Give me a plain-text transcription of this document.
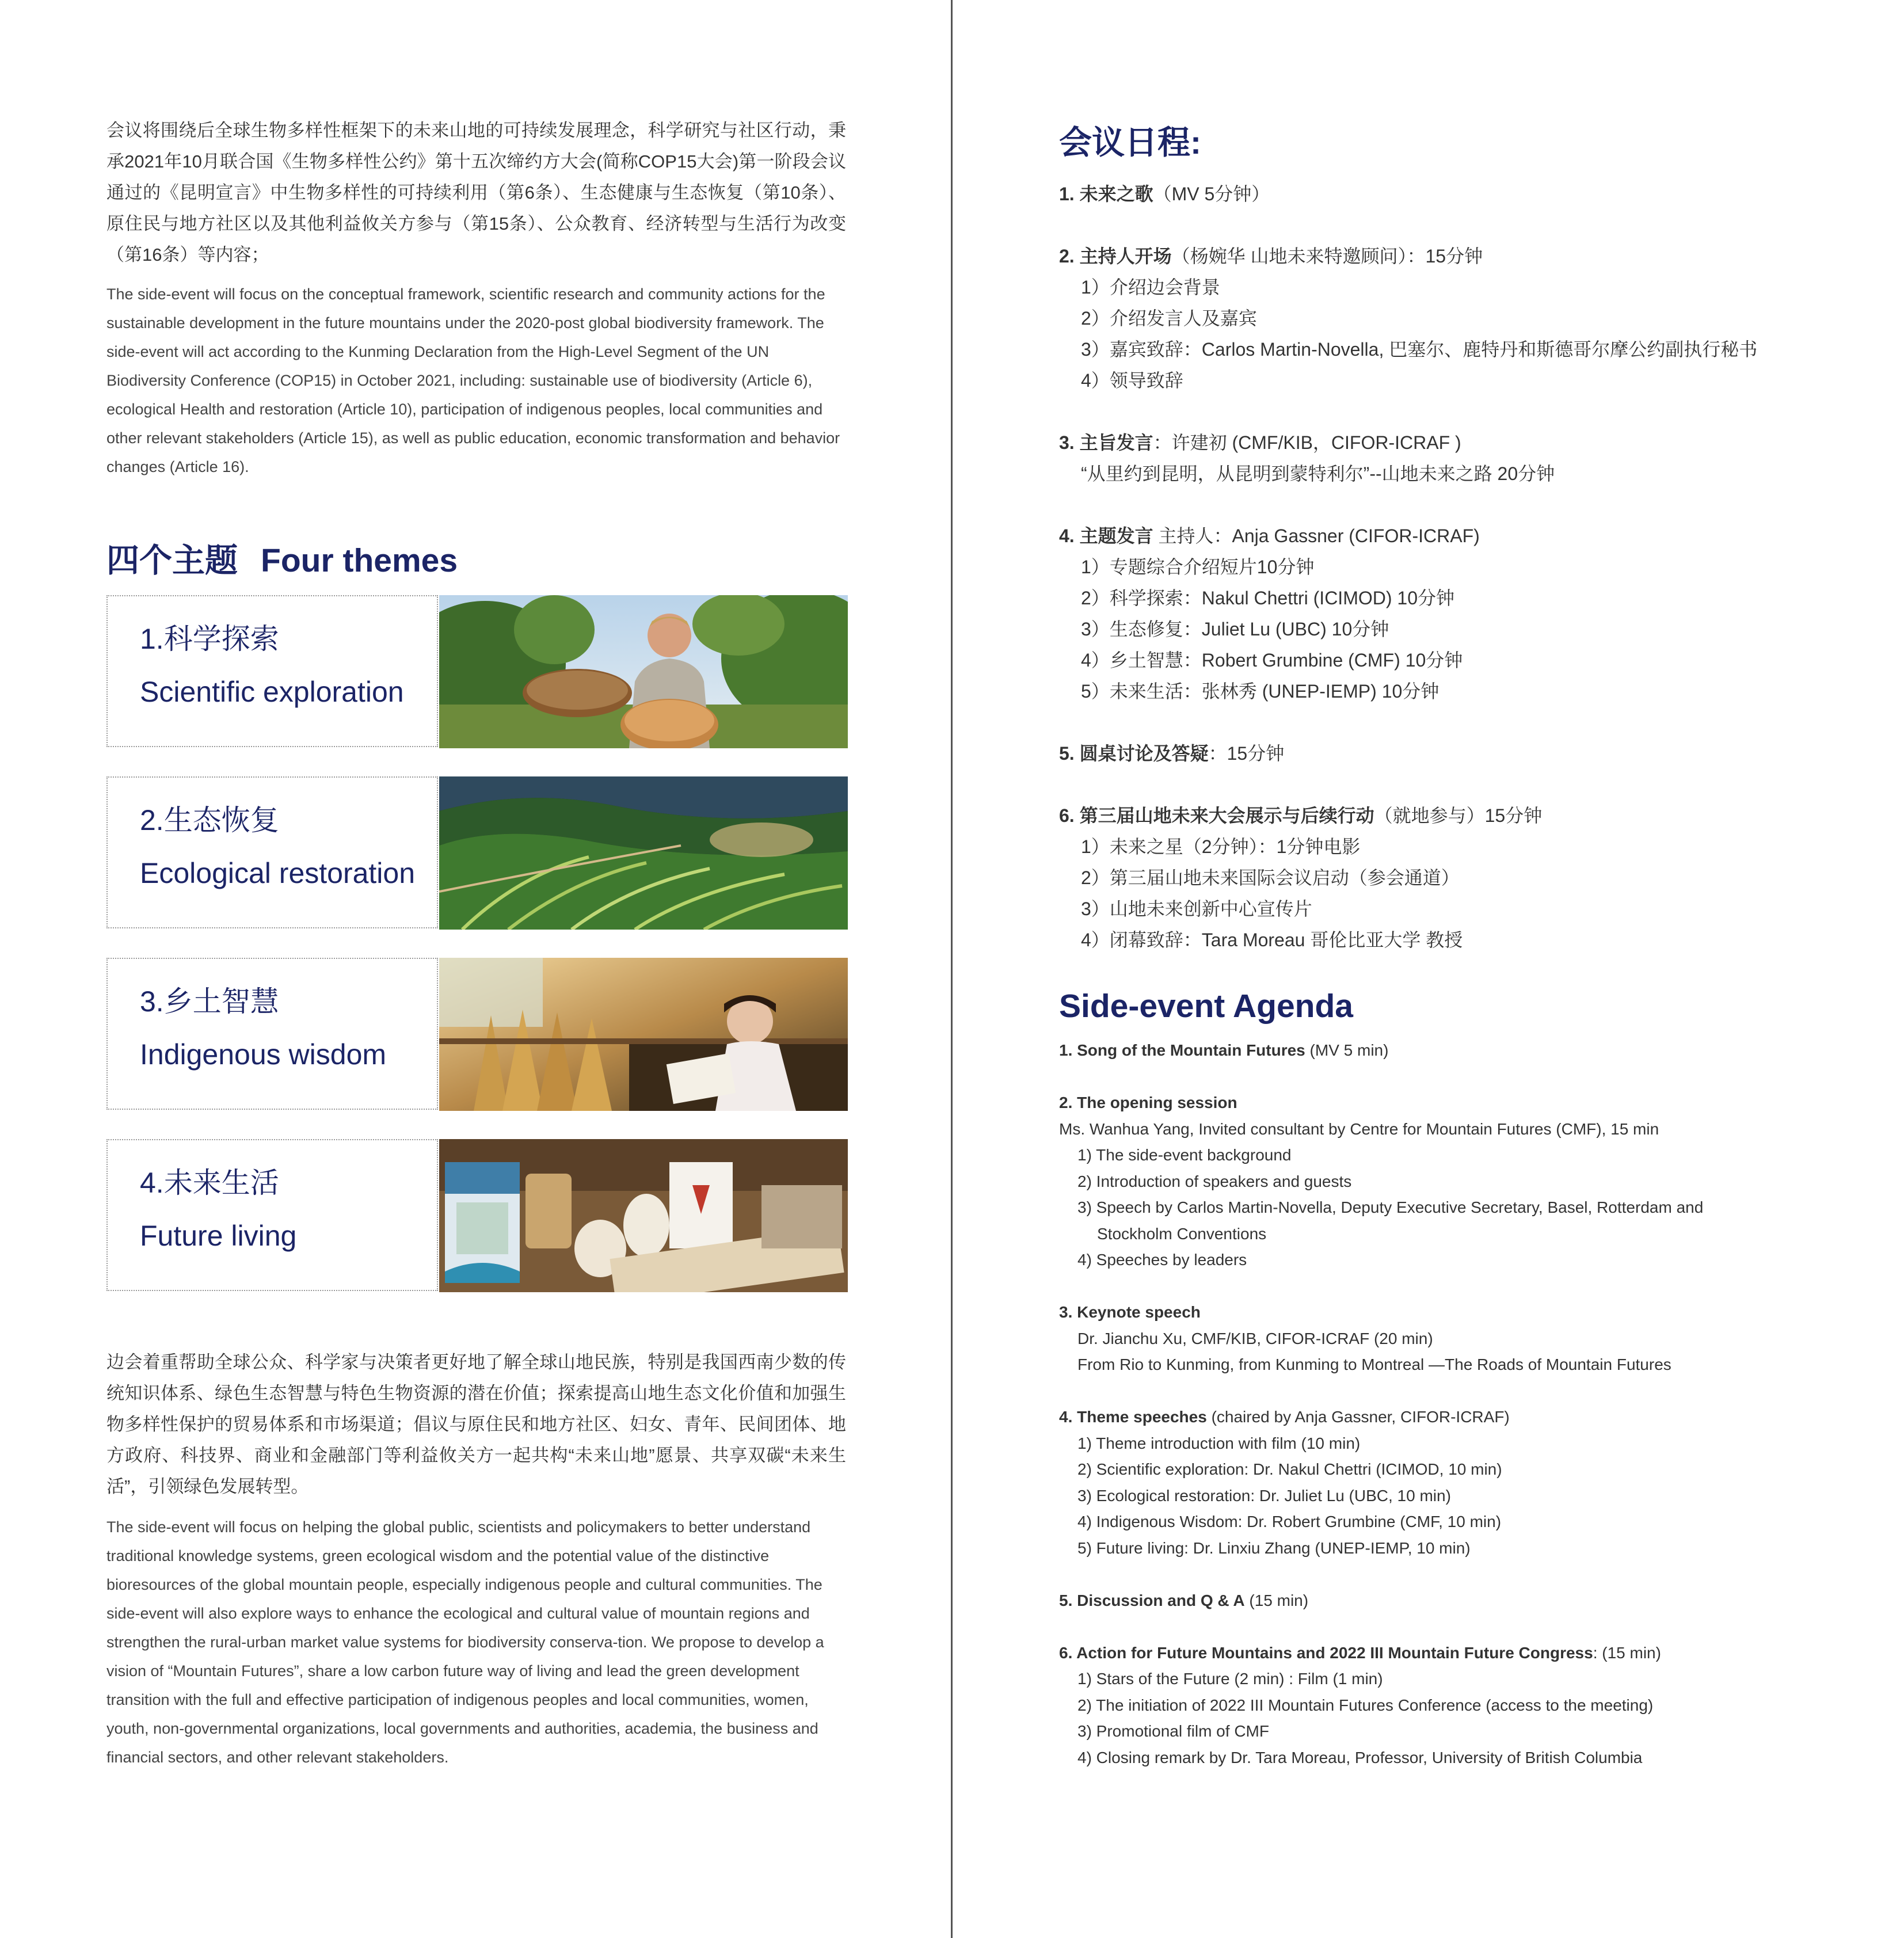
会议将围绕后全球生物多样性框架下的未来山地的可持续发展理念，科学研究与社区行动，秉承2021年10月联合国《生物多样性公约》第十五次缔约方大会(简称COP15大会)第一阶段会议通过的《昆明宣言》中生物多样性的可持续利用（第6条）、生态健康与生态恢复（第10条）、原住民与地方社区以及其他利益攸关方参与（第15条）、公众教育、经济转型与生活行为改变（第16条）等内容；

The side-event will focus on the conceptual framework, scientific research and community actions for the sustainable development in the future mountains under the 2020-post global biodiversity framework. The side-event will act according to the Kunming Declaration from the High-Level Segment of the UN Biodiversity Conference (COP15) in October 2021, including: sustainable use of biodiversity (Article 6), ecological Health and restoration (Article 10), participation of indigenous peoples, local communities and other relevant stakeholders (Article 15), as well as public education, economic transformation and behavior changes (Article 16).

四个主题 Four themes
1.科学探索
Scientific exploration
2.生态恢复
Ecological restoration
3.乡土智慧
Indigenous wisdom
4.未来生活
Future living

边会着重帮助全球公众、科学家与决策者更好地了解全球山地民族，特别是我国西南少数的传统知识体系、绿色生态智慧与特色生物资源的潜在价值；探索提高山地生态文化价值和加强生物多样性保护的贸易体系和市场渠道；倡议与原住民和地方社区、妇女、青年、民间团体、地方政府、科技界、商业和金融部门等利益攸关方一起共构“未来山地”愿景、共享双碳“未来生活”，引领绿色发展转型。

The side-event will focus on helping the global public, scientists and policymakers to better understand traditional knowledge systems, green ecological wisdom and the potential value of the distinctive bioresources of the global mountain people, especially indigenous people and cultural communities. The side-event will also explore ways to enhance the ecological and cultural value of mountain regions and strengthen the rural-urban market value systems for biodiversity conserva-tion. We propose to develop a vision of “Mountain Futures”, share a low carbon future way of living and lead the green development transition with the full and effective participation of indigenous peoples and local communities, women, youth, non-governmental organizations, local governments and authorities, academia, the business and financial sectors, and other relevant stakeholders.

会议日程:
1. 未来之歌（MV 5分钟）
2. 主持人开场（杨婉华 山地未来特邀顾问）：15分钟
1）介绍边会背景
2）介绍发言人及嘉宾
3）嘉宾致辞：Carlos Martin-Novella, 巴塞尔、鹿特丹和斯德哥尔摩公约副执行秘书
4）领导致辞
3. 主旨发言：许建初 (CMF/KIB，CIFOR-ICRAF )
“从里约到昆明，从昆明到蒙特利尔”--山地未来之路 20分钟
4. 主题发言 主持人：Anja Gassner (CIFOR-ICRAF)
1）专题综合介绍短片10分钟
2）科学探索：Nakul Chettri (ICIMOD) 10分钟
3）生态修复：Juliet Lu (UBC) 10分钟
4）乡土智慧：Robert Grumbine (CMF) 10分钟
5）未来生活：张林秀 (UNEP-IEMP) 10分钟
5. 圆桌讨论及答疑：15分钟
6. 第三届山地未来大会展示与后续行动（就地参与）15分钟
1）未来之星（2分钟）：1分钟电影
2）第三届山地未来国际会议启动（参会通道）
3）山地未来创新中心宣传片
4）闭幕致辞：Tara Moreau 哥伦比亚大学 教授
Side-event Agenda
1. Song of the Mountain Futures (MV 5 min)
2. The opening session
Ms. Wanhua Yang, Invited consultant by Centre for Mountain Futures (CMF), 15 min
1) The side-event background
2) Introduction of speakers and guests
3) Speech by Carlos Martin-Novella, Deputy Executive Secretary, Basel, Rotterdam and
Stockholm Conventions
4) Speeches by leaders
3. Keynote speech
Dr. Jianchu Xu, CMF/KIB, CIFOR-ICRAF (20 min)
From Rio to Kunming, from Kunming to Montreal —The Roads of Mountain Futures
4. Theme speeches (chaired by Anja Gassner, CIFOR-ICRAF)
1) Theme introduction with film (10 min)
2) Scientific exploration: Dr. Nakul Chettri (ICIMOD, 10 min)
3) Ecological restoration: Dr. Juliet Lu (UBC, 10 min)
4) Indigenous Wisdom: Dr. Robert Grumbine (CMF, 10 min)
5) Future living: Dr. Linxiu Zhang (UNEP-IEMP, 10 min)
5. Discussion and Q & A (15 min)
6. Action for Future Mountains and 2022 III Mountain Future Congress: (15 min)
1) Stars of the Future (2 min) : Film (1 min)
2) The initiation of 2022 III Mountain Futures Conference (access to the meeting)
3) Promotional film of CMF
4) Closing remark by Dr. Tara Moreau, Professor, University of British Columbia
